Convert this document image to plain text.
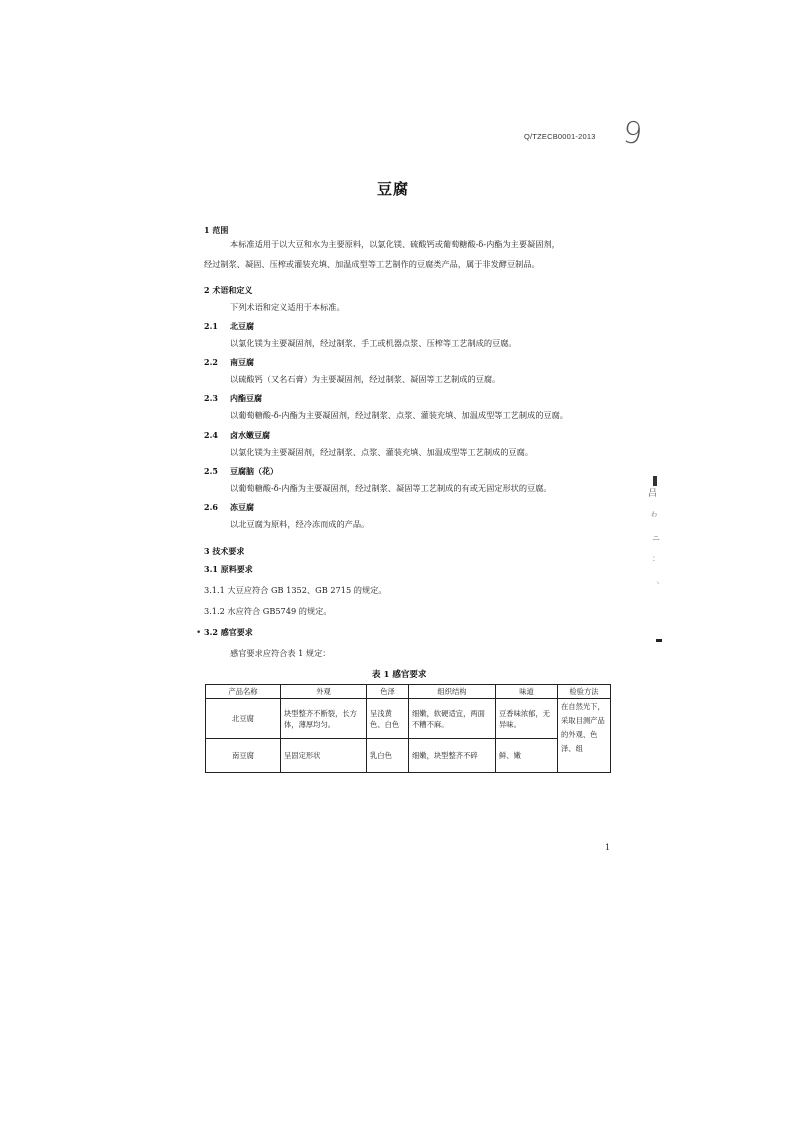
Q/TZECB0001-2013 9
豆腐
1 范围
本标准适用于以大豆和水为主要原料，以氯化镁、硫酸钙或葡萄糖酸-δ-内酯为主要凝固剂，
经过制浆、凝固、压榨或灌装充填、加温成型等工艺制作的豆腐类产品，属于非发酵豆制品。
2 术语和定义
下列术语和定义适用于本标准。
2.1 北豆腐
以氯化镁为主要凝固剂，经过制浆、手工或机器点浆、压榨等工艺制成的豆腐。
2.2 南豆腐
以硫酸钙（又名石膏）为主要凝固剂，经过制浆、凝固等工艺制成的豆腐。
2.3 内酯豆腐
以葡萄糖酸-δ-内酯为主要凝固剂，经过制浆、点浆、灌装充填、加温成型等工艺制成的豆腐。
2.4 卤水嫩豆腐
以氯化镁为主要凝固剂，经过制浆、点浆、灌装充填、加温成型等工艺制成的豆腐。
2.5 豆腐脑（花）
以葡萄糖酸-δ-内酯为主要凝固剂，经过制浆、凝固等工艺制成的有或无固定形状的豆腐。
2.6 冻豆腐
以北豆腐为原料，经冷冻而成的产品。
3 技术要求
3.1 原料要求
3.1.1 大豆应符合 GB 1352、GB 2715 的规定。
3.1.2 水应符合 GB5749 的规定。
3.2 感官要求
感官要求应符合表 1 规定：
表 1 感官要求
产品名称	外观	色泽	组织结构	味道	检验方法
北豆腐	块型整齐不断裂，长方体，薄厚均匀。	呈浅黄色、白色	细嫩，软硬适宜，两面不糟不麻。	豆香味浓郁，无异味。	在自然光下，采取目测产品的外观、色泽、组
南豆腐	呈固定形状	乳白色	细嫩，块型整齐不碎	鲜、嫩	
1
•
吕
ゎ
ニ
：
ヽ
